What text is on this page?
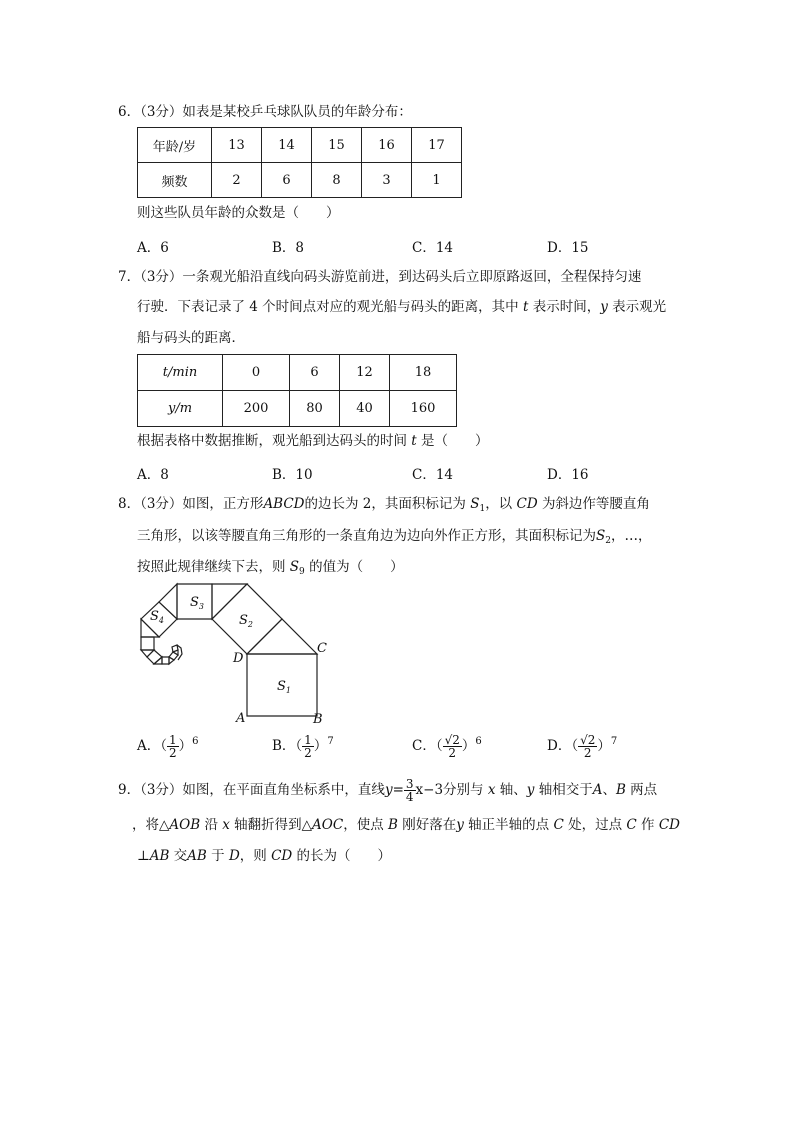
6．（3分）如表是某校乒乓球队队员的年龄分布：
年龄/岁	13	14	15	16	17
频数	2	6	8	3	1
则这些队员年龄的众数是（　　）
A．6	B．8	C．14	D．15
7．（3分）一条观光船沿直线向码头游览前进，到达码头后立即原路返回，全程保持匀速
行驶．下表记录了 4 个时间点对应的观光船与码头的距离，其中 t 表示时间，y 表示观光
船与码头的距离．
t/min	0	6	12	18
y/m	200	80	40	160
根据表格中数据推断，观光船到达码头的时间 t 是（　　）
A．8	B．10	C．14	D．16
8．（3分）如图，正方形ABCD的边长为 2，其面积标记为 $S_1$，以 CD 为斜边作等腰直角
三角形，以该等腰直角三角形的一条直角边为边向外作正方形，其面积标记为$S_2$，…，
按照此规律继续下去，则 $S_9$ 的值为（　　）
$S_1$
$S_2$
$S_3$
$S_4$
A	B
C
D
A．（ $\frac{1}{2} )^6$	B．（ $\frac{1}{2} )^7$	C．（ $\frac{√2}{2} )^6$	D．（ $\frac{√2}{2} )^7$
9．（3分）如图，在平面直角坐标系中，直线$y= \frac{3}{4} x-3$分别与 x 轴、y 轴相交于A、B 两点
，将△AOB 沿 x 轴翻折得到△AOC，使点 B 刚好落在y 轴正半轴的点 C 处，过点 C 作 CD
⊥AB 交AB 于 D，则 CD 的长为（　　）
